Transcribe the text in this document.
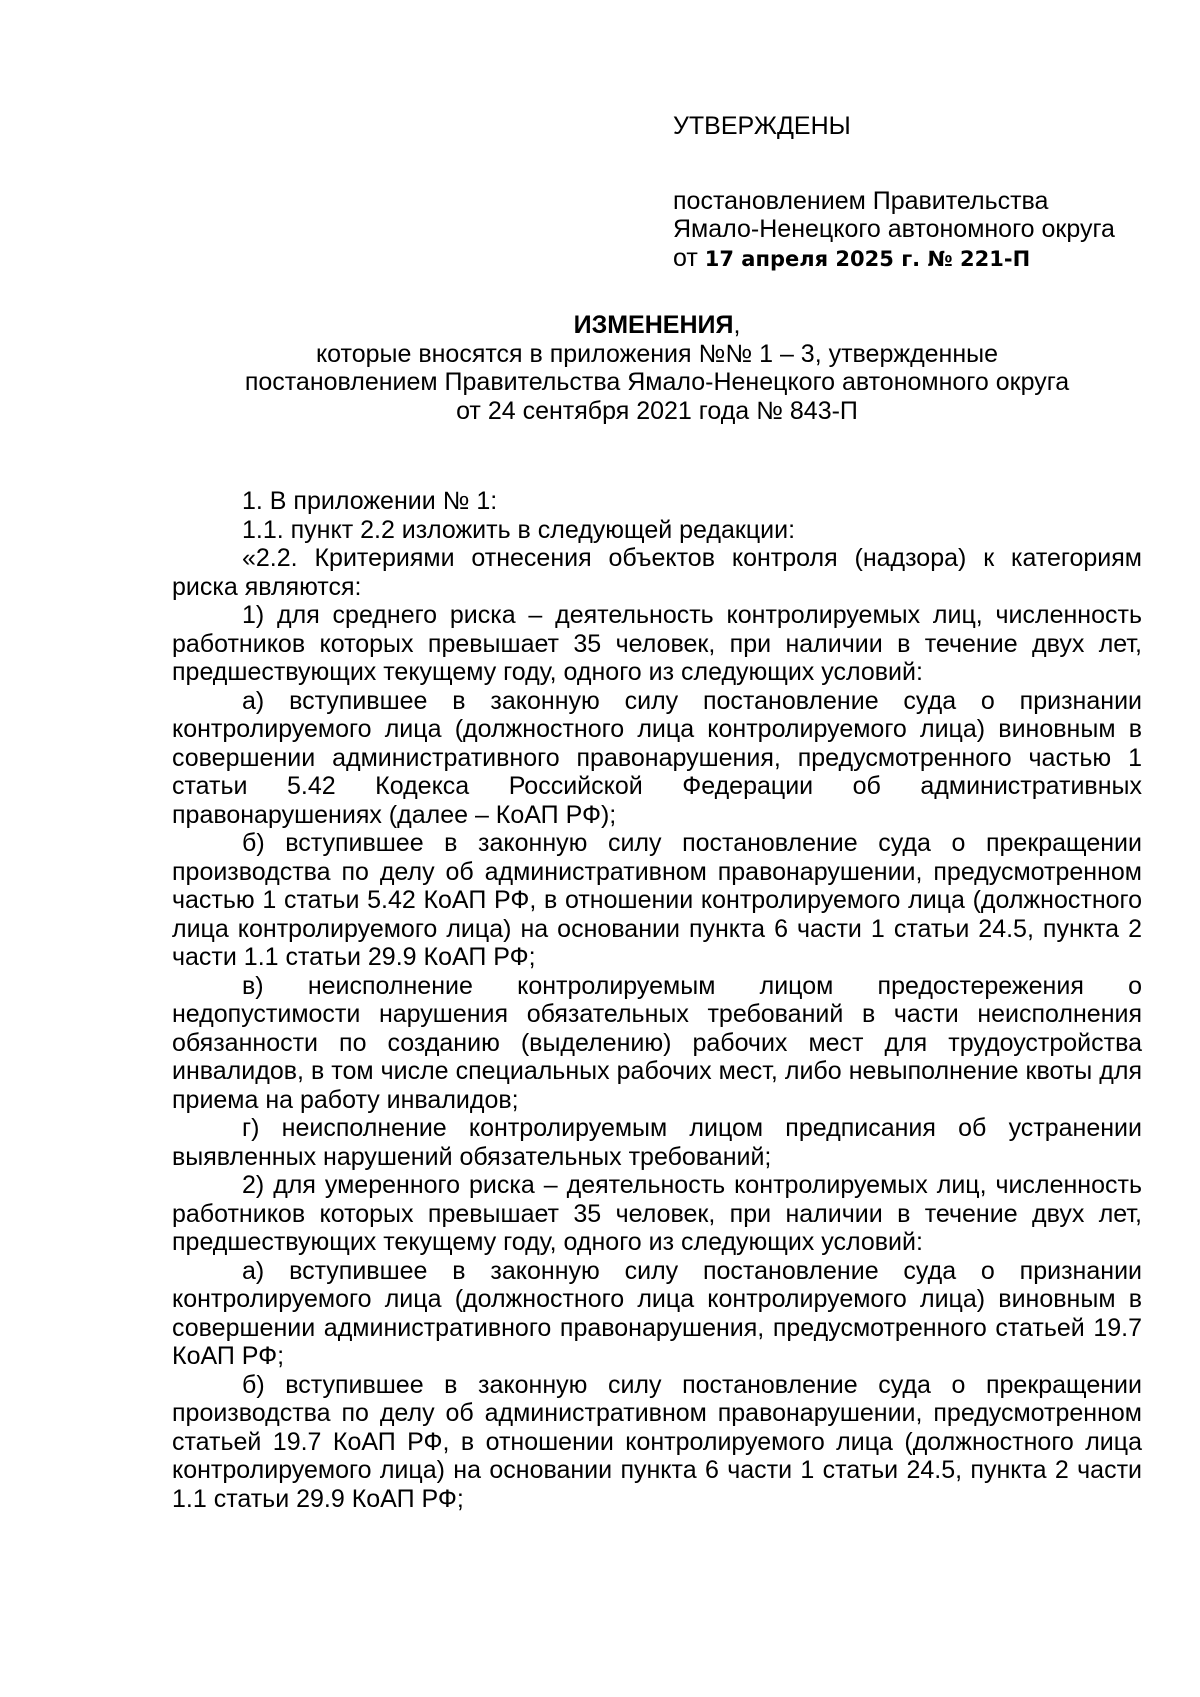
УТВЕРЖДЕНЫ
постановлением Правительства
Ямало-Ненецкого автономного округа
от 17 апреля 2025 г. № 221-П
ИЗМЕНЕНИЯ,
которые вносятся в приложения №№ 1 – 3, утвержденные
постановлением Правительства Ямало-Ненецкого автономного округа
от 24 сентября 2021 года № 843-П

1. В приложении № 1:

1.1. пункт 2.2 изложить в следующей редакции:

«2.2. Критериями отнесения объектов контроля (надзора) к категориям риска являются:

1) для среднего риска – деятельность контролируемых лиц, численность работников которых превышает 35 человек, при наличии в течение двух лет, предшествующих текущему году, одного из следующих условий:

а) вступившее в законную силу постановление суда о признании контролируемого лица (должностного лица контролируемого лица) виновным в совершении административного правонарушения, предусмотренного частью 1 статьи 5.42 Кодекса Российской Федерации об административных правонарушениях (далее – КоАП РФ);

б) вступившее в законную силу постановление суда о прекращении производства по делу об административном правонарушении, предусмотренном частью 1 статьи 5.42 КоАП РФ, в отношении контролируемого лица (должностного лица контролируемого лица) на основании пункта 6 части 1 статьи 24.5, пункта 2 части 1.1 статьи 29.9 КоАП РФ;

в) неисполнение контролируемым лицом предостережения о недопустимости нарушения обязательных требований в части неисполнения обязанности по созданию (выделению) рабочих мест для трудоустройства инвалидов, в том числе специальных рабочих мест, либо невыполнение квоты для приема на работу инвалидов;

г) неисполнение контролируемым лицом предписания об устранении выявленных нарушений обязательных требований;

2) для умеренного риска – деятельность контролируемых лиц, численность работников которых превышает 35 человек, при наличии в течение двух лет, предшествующих текущему году, одного из следующих условий:

а) вступившее в законную силу постановление суда о признании контролируемого лица (должностного лица контролируемого лица) виновным в совершении административного правонарушения, предусмотренного статьей 19.7 КоАП РФ;

б) вступившее в законную силу постановление суда о прекращении производства по делу об административном правонарушении, предусмотренном статьей 19.7 КоАП РФ, в отношении контролируемого лица (должностного лица контролируемого лица) на основании пункта 6 части 1 статьи 24.5, пункта 2 части 1.1 статьи 29.9 КоАП РФ;
